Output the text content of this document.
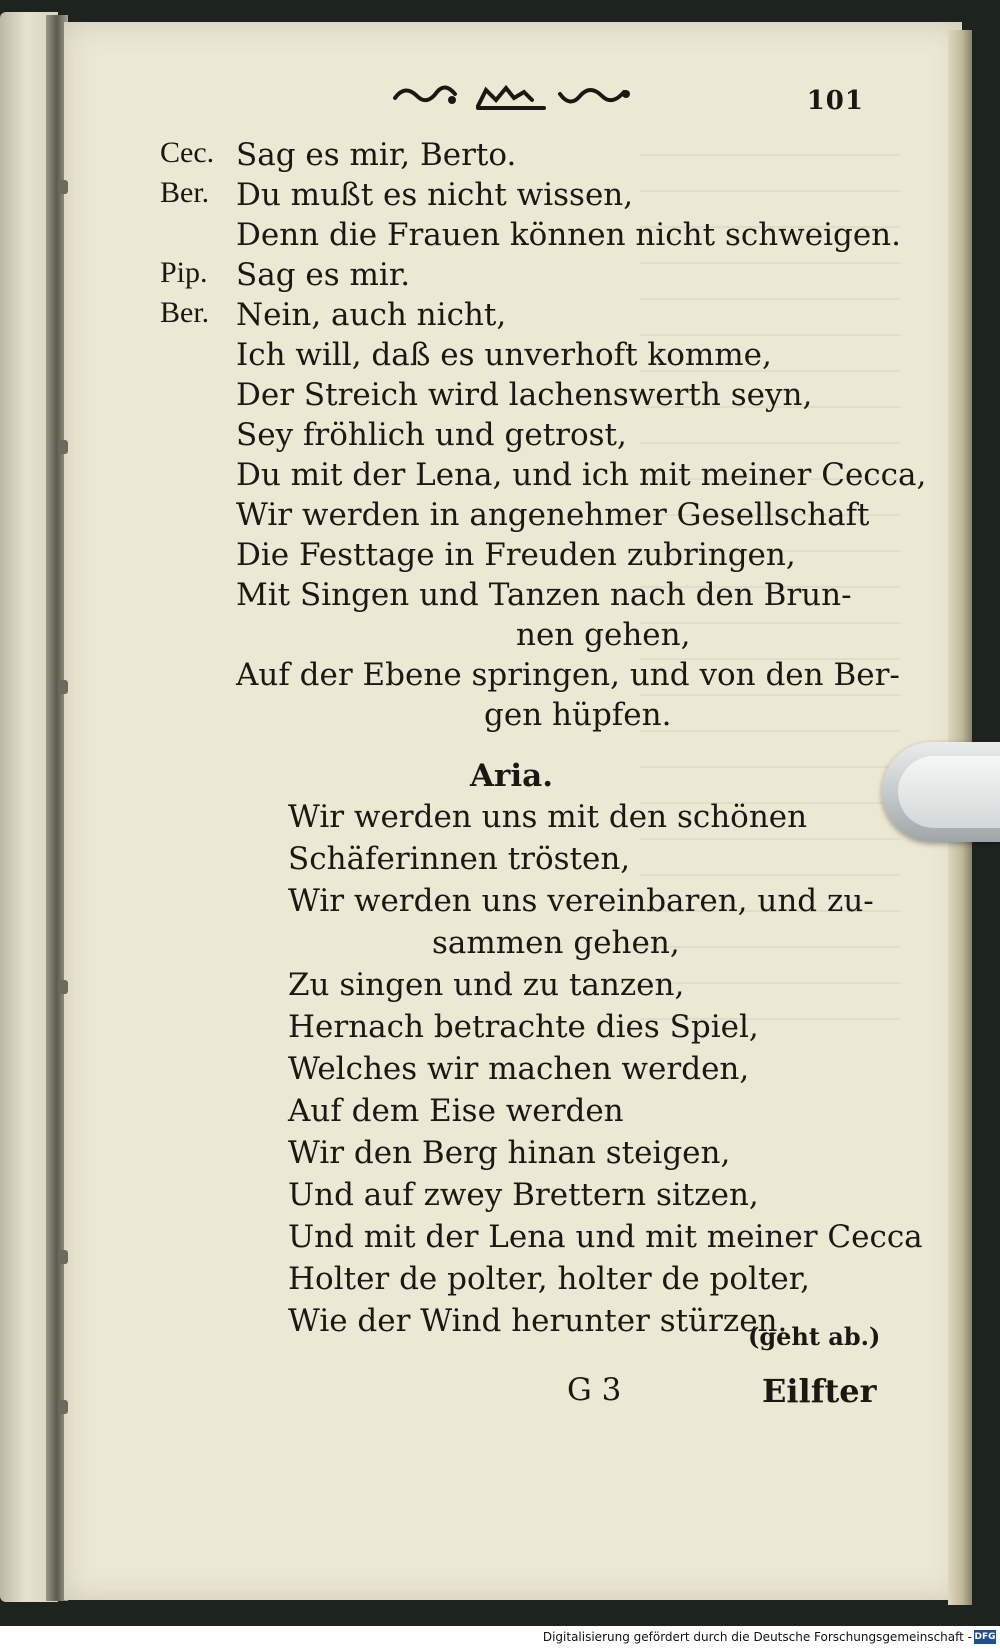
101
Cec. Sag es mir, Berto.
Ber. Du mußt es nicht wissen,
Denn die Frauen können nicht schweigen.
Pip. Sag es mir.
Ber. Nein, auch nicht,
Ich will, daß es unverhoft komme,
Der Streich wird lachenswerth seyn,
Sey fröhlich und getrost,
Du mit der Lena, und ich mit meiner Cecca,
Wir werden in angenehmer Gesellschaft
Die Festtage in Freuden zubringen,
Mit Singen und Tanzen nach den Brun-
nen gehen,
Auf der Ebene springen, und von den Ber-
gen hüpfen.
Aria.
Wir werden uns mit den schönen
Schäferinnen trösten,
Wir werden uns vereinbaren, und zu-
sammen gehen,
Zu singen und zu tanzen,
Hernach betrachte dies Spiel,
Welches wir machen werden,
Auf dem Eise werden
Wir den Berg hinan steigen,
Und auf zwey Brettern sitzen,
Und mit der Lena und mit meiner Cecca
Holter de polter, holter de polter,
Wie der Wind herunter stürzen.
(geht ab.)
G 3	Eilfter
Digitalisierung gefördert durch die Deutsche Forschungsgemeinschaft - DFG
